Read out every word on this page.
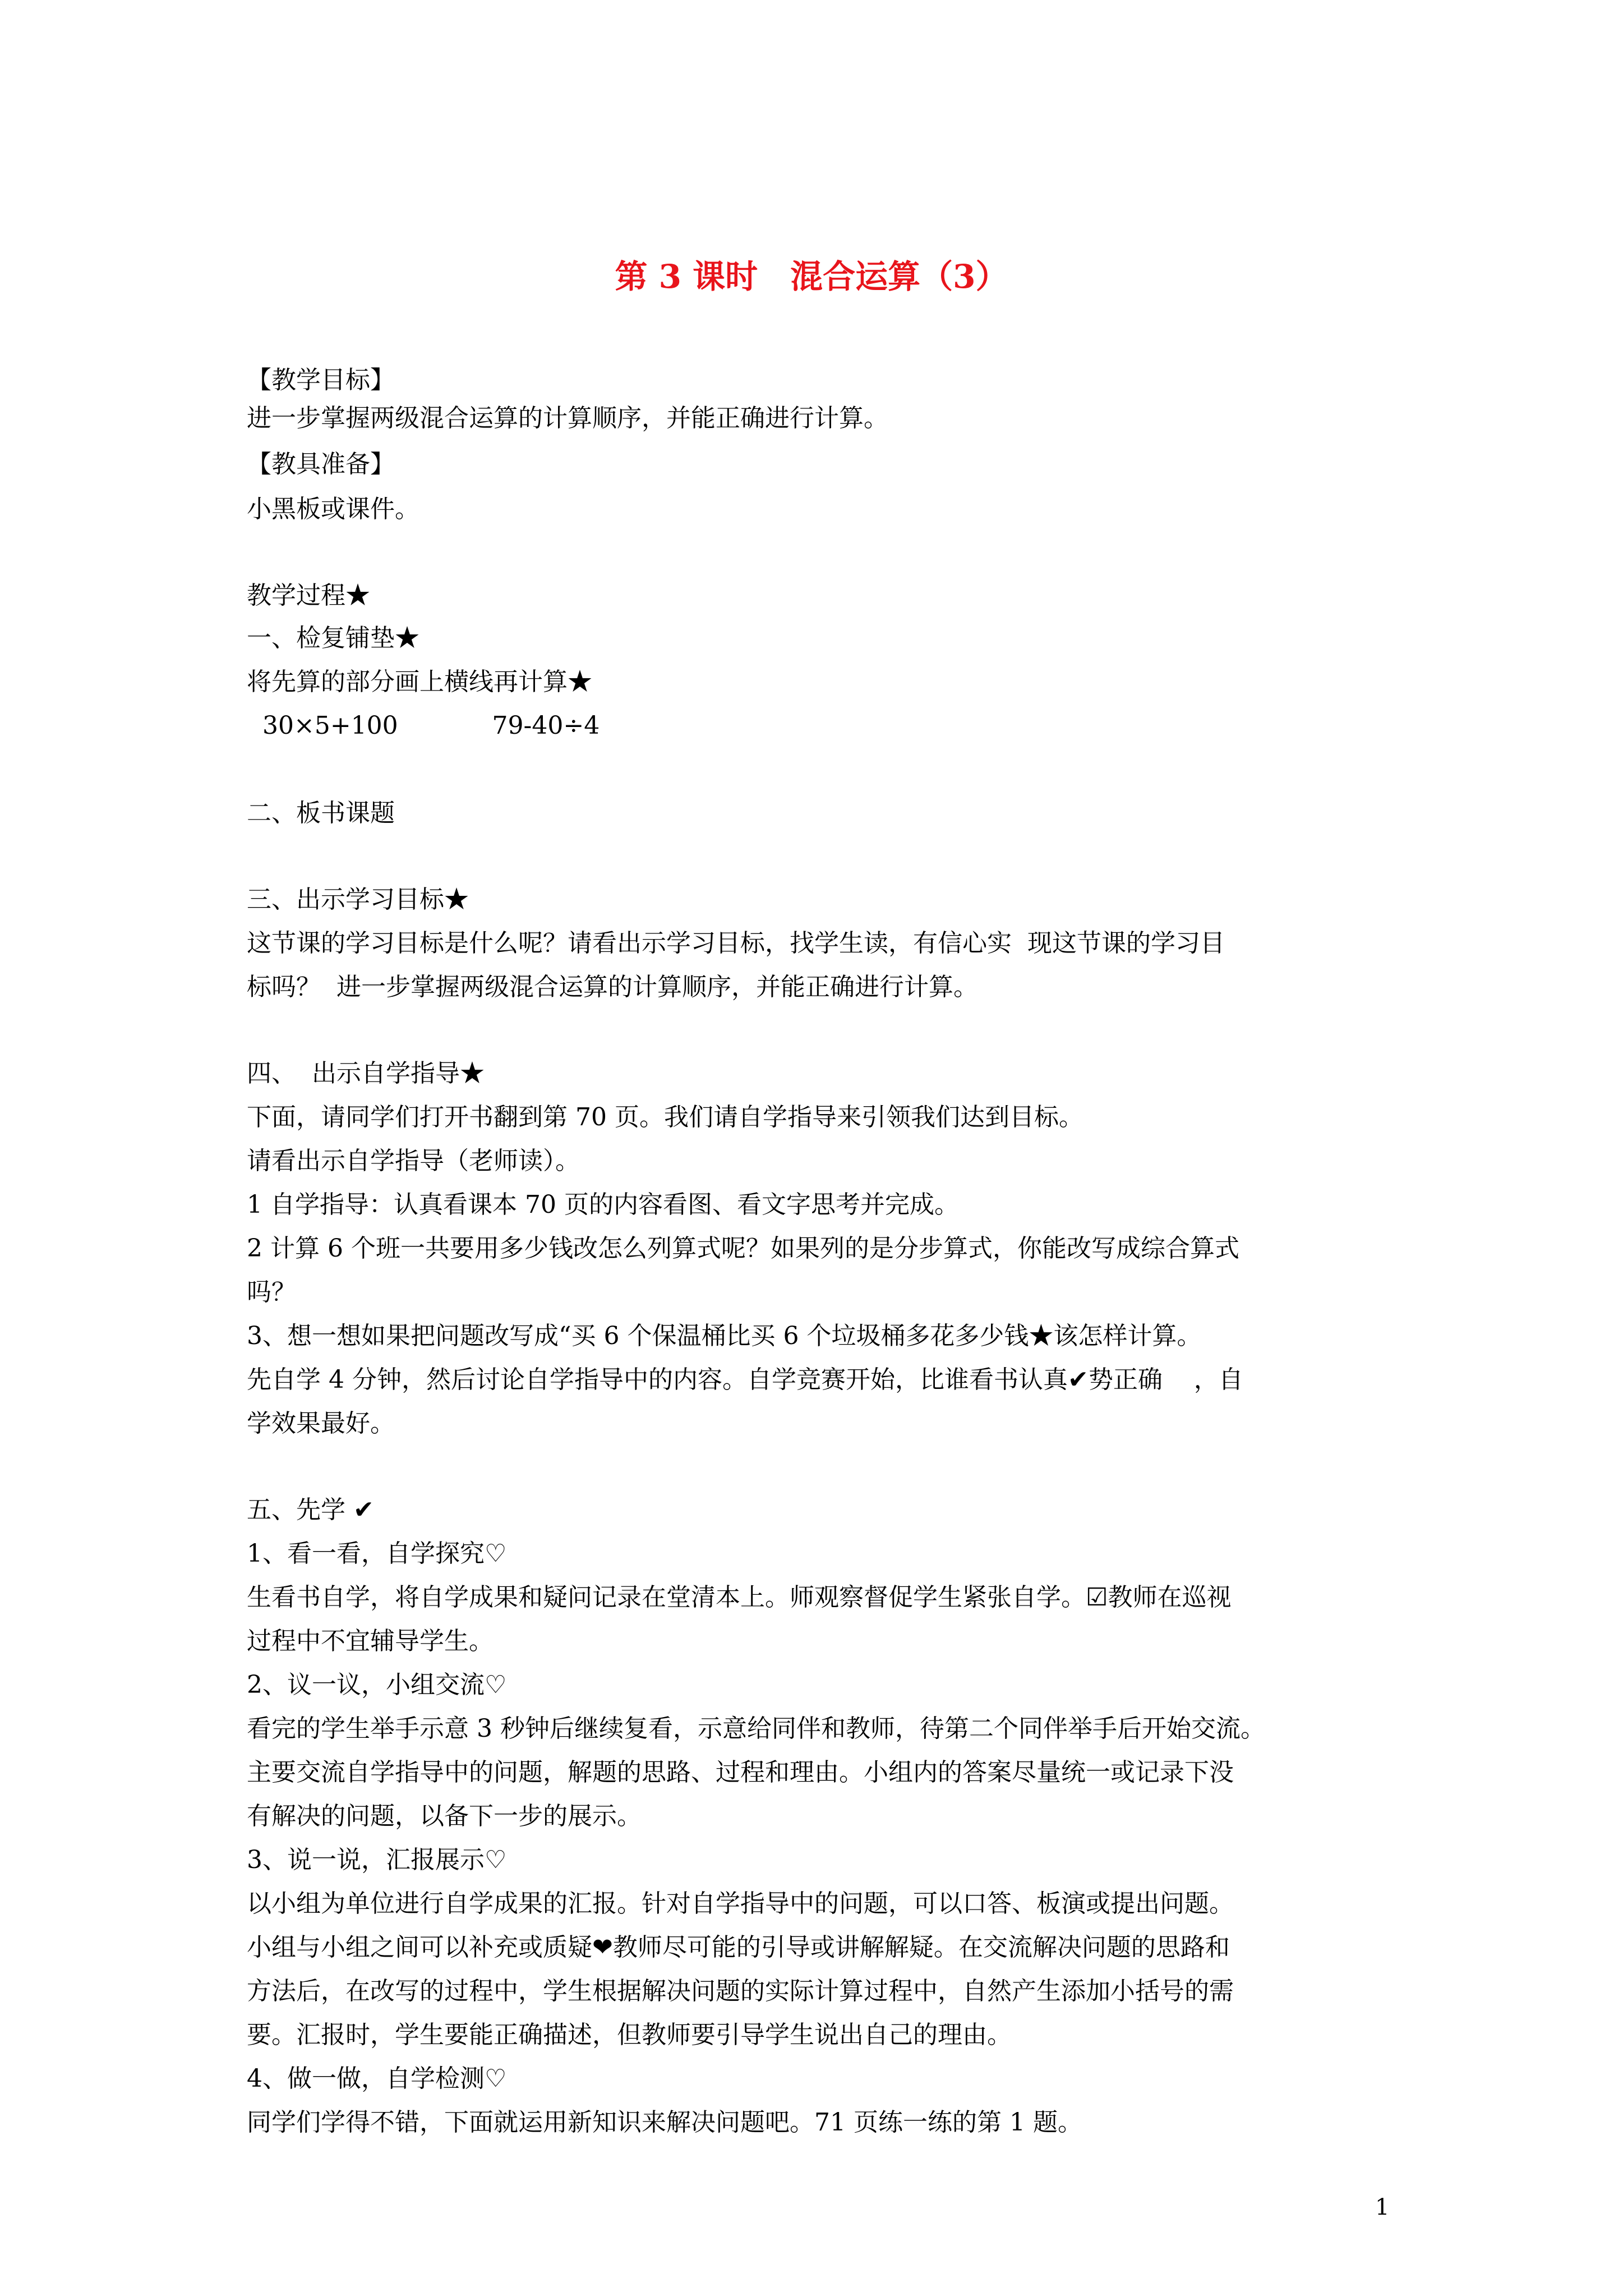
第 3 课时　混合运算（3）
【教学目标】
进一步掌握两级混合运算的计算顺序，并能正确进行计算。
【教具准备】
小黑板或课件。
教学过程★
一、检复铺垫★
将先算的部分画上横线再计算★
30×5+100            79-40÷4
二、板书课题
三、出示学习目标★
这节课的学习目标是什么呢？请看出示学习目标，找学生读，有信心实  现这节课的学习目
标吗？  进一步掌握两级混合运算的计算顺序，并能正确进行计算。
四、  出示自学指导★
下面，请同学们打开书翻到第 70 页。我们请自学指导来引领我们达到目标。
请看出示自学指导（老师读）。
1 自学指导：认真看课本 70 页的内容看图、看文字思考并完成。
2 计算 6 个班一共要用多少钱改怎么列算式呢？如果列的是分步算式，你能改写成综合算式
吗？
3、想一想如果把问题改写成“买 6 个保温桶比买 6 个垃圾桶多花多少钱★该怎样计算。
先自学 4 分钟，然后讨论自学指导中的内容。自学竞赛开始，比谁看书认真✔势正确    ，自
学效果最好。
五、先学 ✔
1、看一看，自学探究♡
生看书自学，将自学成果和疑问记录在堂清本上。师观察督促学生紧张自学。☑教师在巡视
过程中不宜辅导学生。
2、议一议，小组交流♡
看完的学生举手示意 3 秒钟后继续复看，示意给同伴和教师，待第二个同伴举手后开始交流。
主要交流自学指导中的问题，解题的思路、过程和理由。小组内的答案尽量统一或记录下没
有解决的问题，以备下一步的展示。
3、说一说，汇报展示♡
以小组为单位进行自学成果的汇报。针对自学指导中的问题，可以口答、板演或提出问题。
小组与小组之间可以补充或质疑❤教师尽可能的引导或讲解解疑。在交流解决问题的思路和
方法后，在改写的过程中，学生根据解决问题的实际计算过程中，自然产生添加小括号的需
要。汇报时，学生要能正确描述，但教师要引导学生说出自己的理由。
4、做一做，自学检测♡
同学们学得不错，下面就运用新知识来解决问题吧。71 页练一练的第 1 题。
1
